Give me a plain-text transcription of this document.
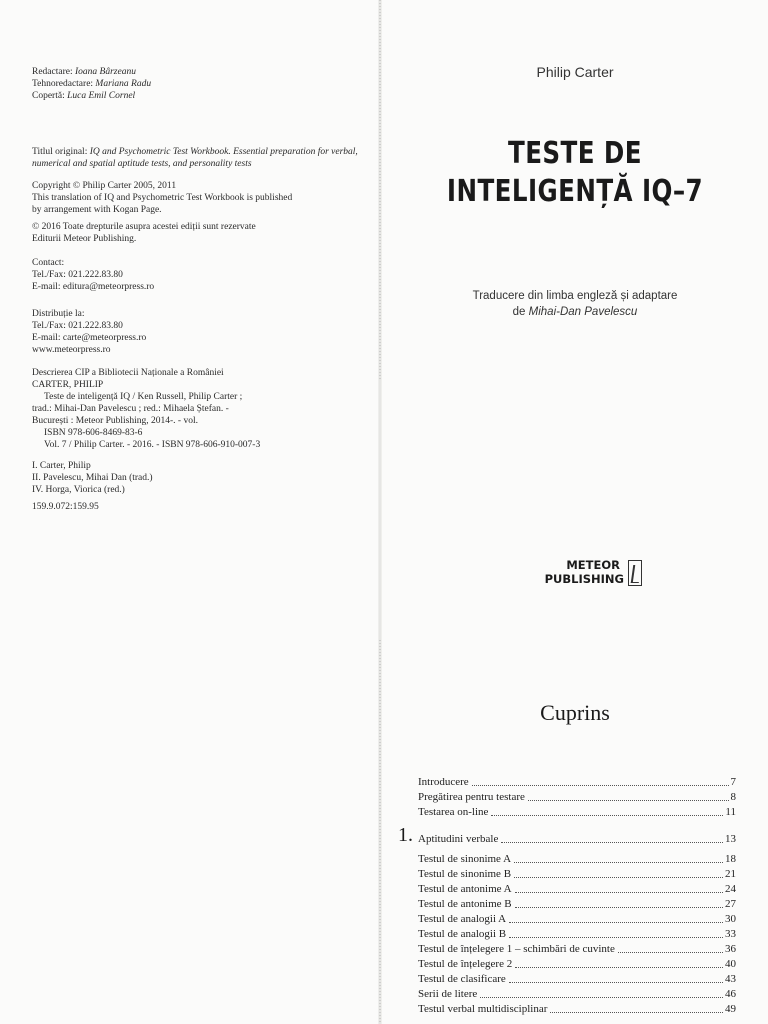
Redactare: Ioana Bârzeanu

Tehnoredactare: Mariana Radu

Copertă: Luca Emil Cornel

Titlul original: IQ and Psychometric Test Workbook. Essential preparation for verbal, numerical and spatial aptitude tests, and personality tests

Copyright © Philip Carter 2005, 2011

This translation of IQ and Psychometric Test Workbook is published

by arrangement with Kogan Page.

© 2016 Toate drepturile asupra acestei ediții sunt rezervate

Editurii Meteor Publishing.

Contact:

Tel./Fax: 021.222.83.80

E-mail: editura@meteorpress.ro

Distribuție la:

Tel./Fax: 021.222.83.80

E-mail: carte@meteorpress.ro

www.meteorpress.ro

Descrierea CIP a Bibliotecii Naționale a României

CARTER, PHILIP

Teste de inteligență IQ / Ken Russell, Philip Carter ;

trad.: Mihai-Dan Pavelescu ; red.: Mihaela Ștefan. -

București : Meteor Publishing, 2014-. - vol.

ISBN 978-606-8469-83-6

Vol. 7 / Philip Carter. - 2016. - ISBN 978-606-910-007-3

I. Carter, Philip

II. Pavelescu, Mihai Dan (trad.)

IV. Horga, Viorica (red.)

159.9.072:159.95

Philip Carter
TESTE DE
INTELIGENȚĂ IQ–7
Traducere din limba engleză și adaptare
de Mihai-Dan Pavelescu
METEOR
PUBLISHING
Cuprins
Introducere	7
Pregătirea pentru testare	8
Testarea on-line	11
1. Aptitudini verbale	13
Testul de sinonime A	18
Testul de sinonime B	21
Testul de antonime A	24
Testul de antonime B	27
Testul de analogii A	30
Testul de analogii B	33
Testul de înțelegere 1 – schimbări de cuvinte	36
Testul de înțelegere 2	40
Testul de clasificare	43
Serii de litere	46
Testul verbal multidisciplinar	49
